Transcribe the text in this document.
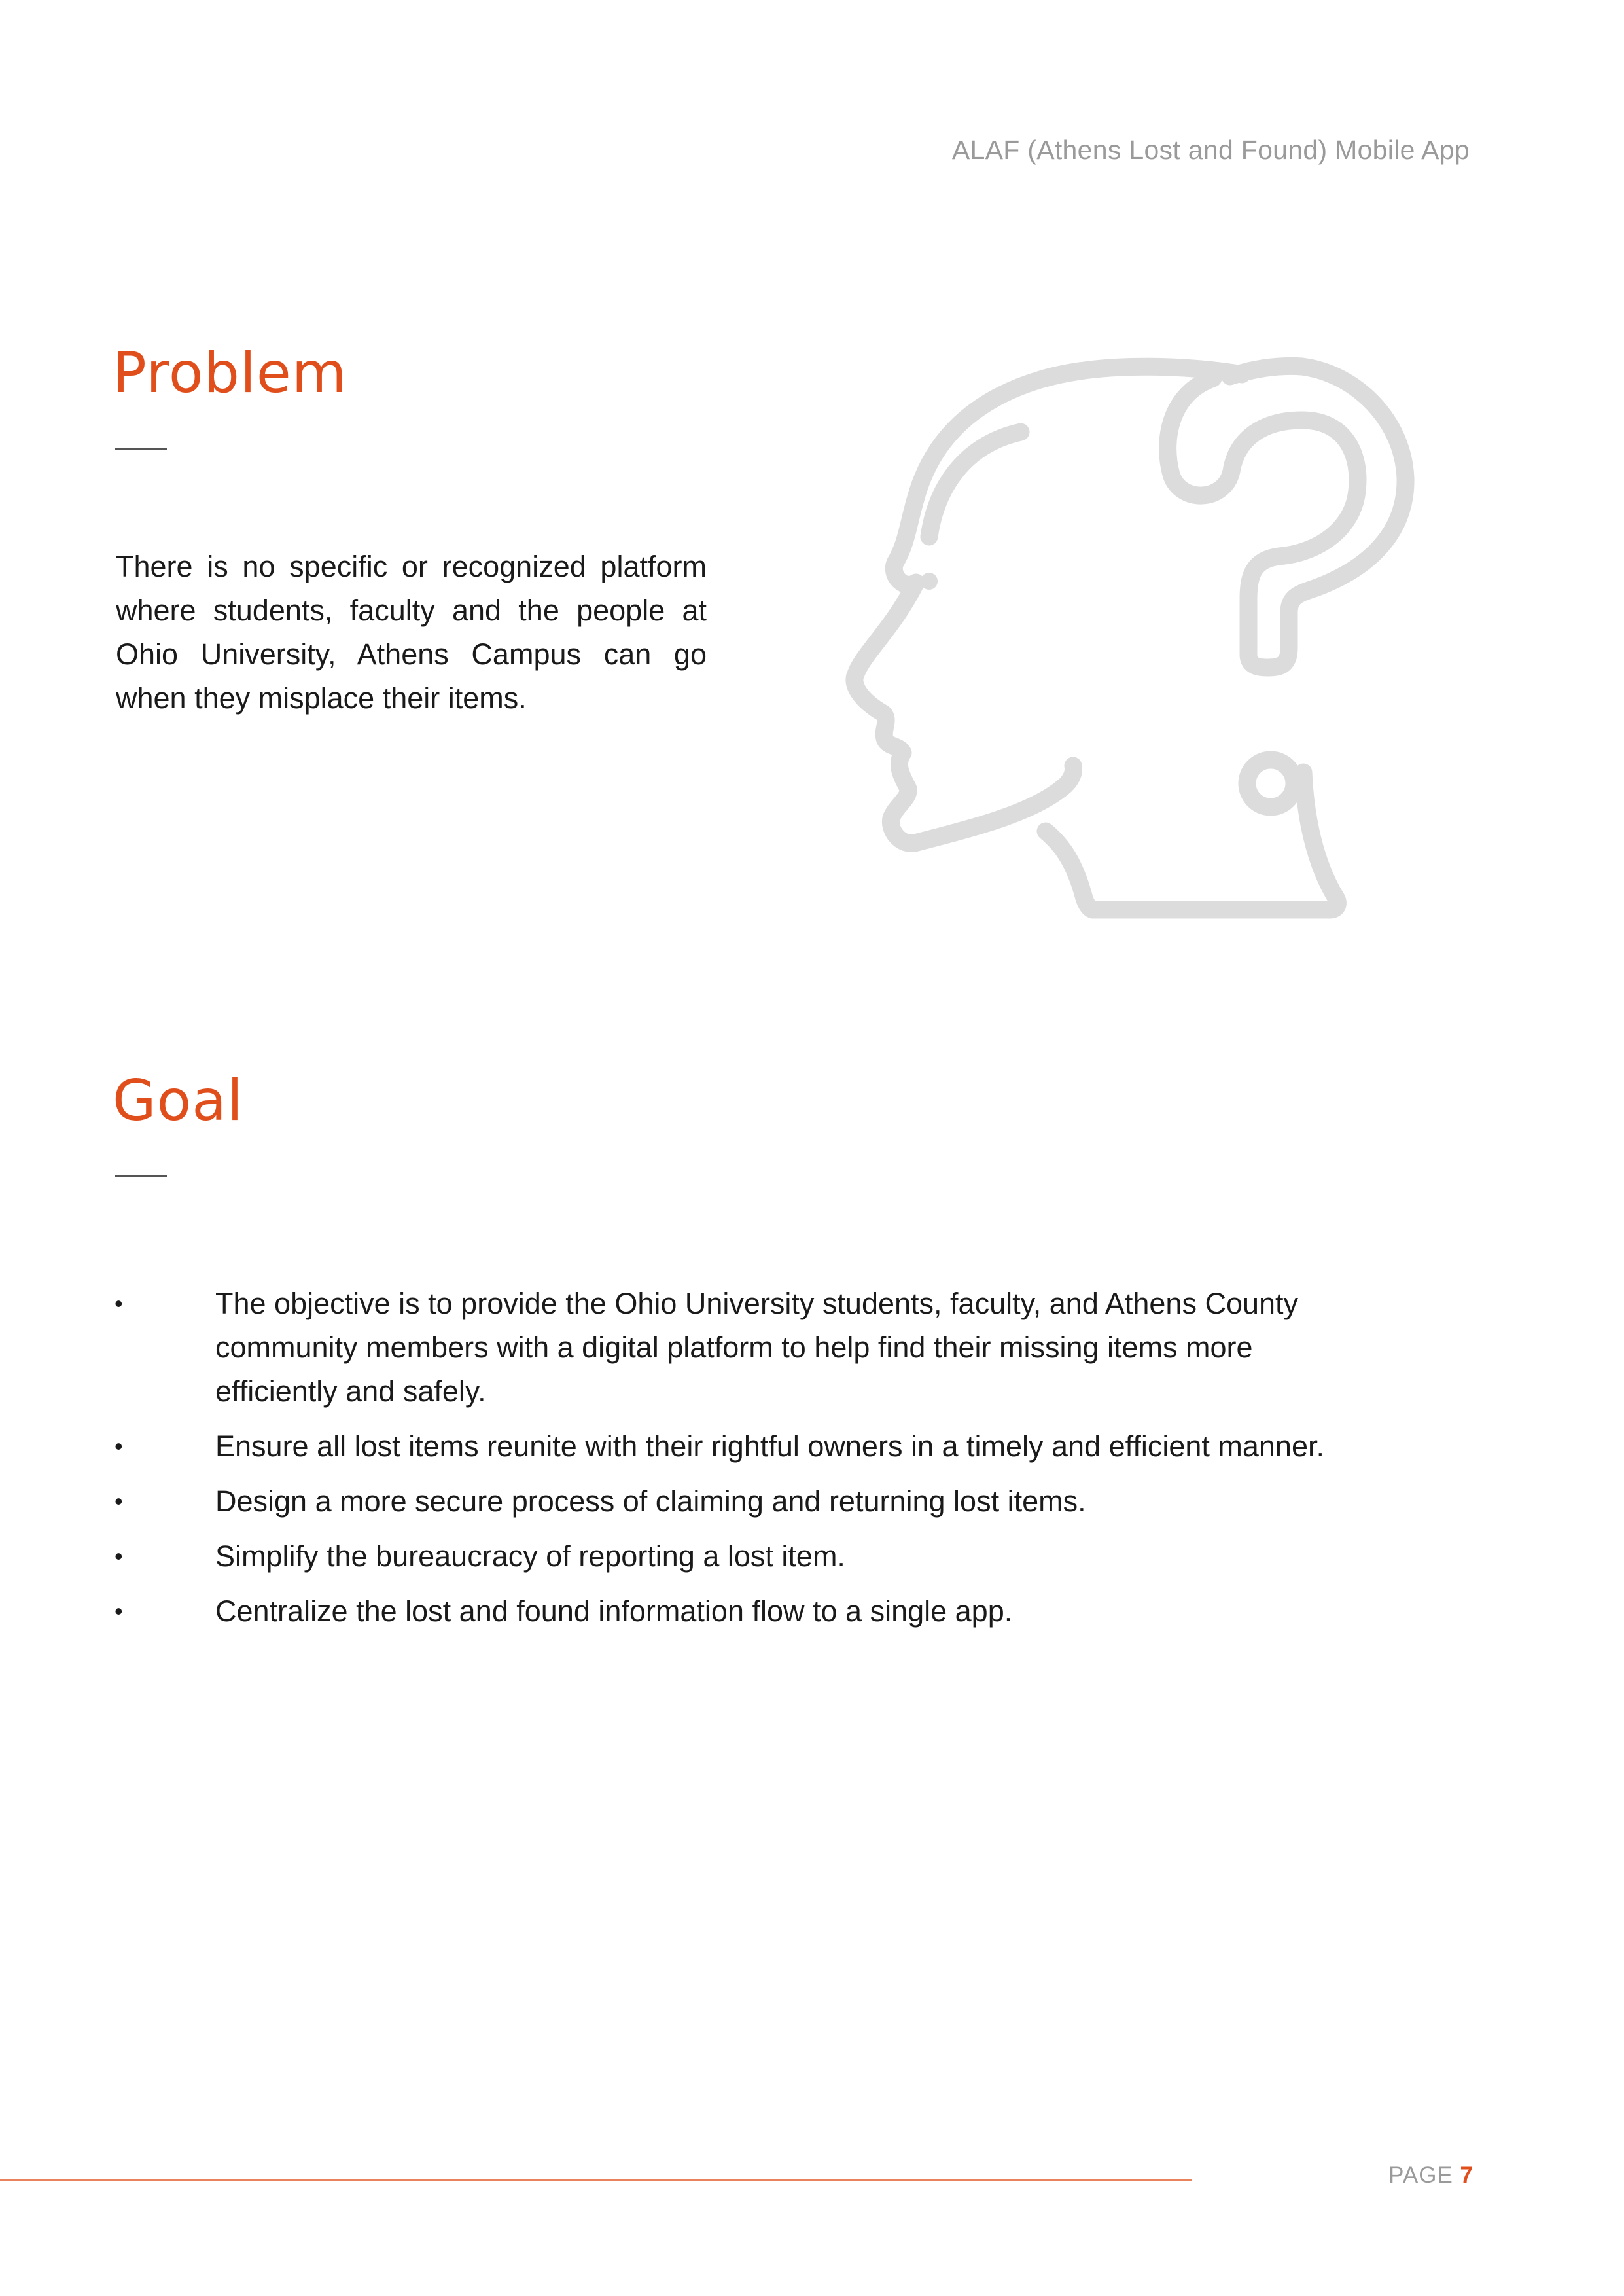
ALAF (Athens Lost and Found) Mobile App
Problem

There is no specific or recognized platform where students, faculty and the people at Ohio University, Athens Campus can go when they misplace their items.

Goal
•	The objective is to provide the Ohio University students, faculty, and Athens County community members with a digital platform to help find their missing items more efficiently and safely.
•	Ensure all lost items reunite with their rightful owners in a timely and efficient manner.
•	Design a more secure process of claiming and returning lost items.
•	Simplify the bureaucracy of reporting a lost item.
•	Centralize the lost and found information flow to a single app.
PAGE 7
